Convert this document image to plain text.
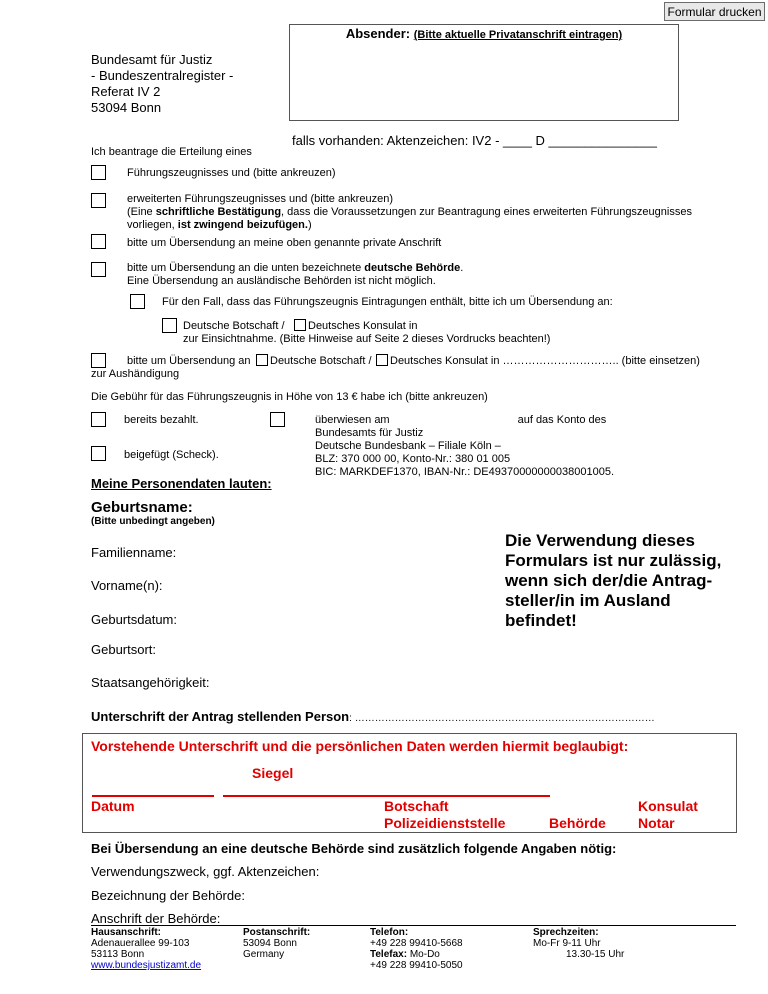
Formular drucken
Absender: (Bitte aktuelle Privatanschrift eintragen)
falls vorhanden: Aktenzeichen: IV2 - ____ D _______________
Bundesamt für Justiz
- Bundeszentralregister -
Referat IV 2
53094 Bonn
Ich beantrage die Erteilung eines
Führungszeugnisses und (bitte ankreuzen)
erweiterten Führungszeugnisses und (bitte ankreuzen)
(Eine schriftliche Bestätigung, dass die Voraussetzungen zur Beantragung eines erweiterten Führungszeugnisses
vorliegen, ist zwingend beizufügen.)
bitte um Übersendung an meine oben genannte private Anschrift
bitte um Übersendung an die unten bezeichnete deutsche Behörde.
Eine Übersendung an ausländische Behörden ist nicht möglich.
Für den Fall, dass das Führungszeugnis Eintragungen enthält, bitte ich um Übersendung an:
Deutsche Botschaft / Deutsches Konsulat in
zur Einsichtnahme. (Bitte Hinweise auf Seite 2 dieses Vordrucks beachten!)
bitte um Übersendung an Deutsche Botschaft / Deutsches Konsulat in ………………………….. (bitte einsetzen)
zur Aushändigung
Die Gebühr für das Führungszeugnis in Höhe von 13 € habe ich (bitte ankreuzen)
bereits bezahlt.
beigefügt (Scheck).
überwiesen am	auf das Konto des
Bundesamts für Justiz
Deutsche Bundesbank – Filiale Köln –
BLZ: 370 000 00, Konto-Nr.: 380 01 005
BIC: MARKDEF1370, IBAN-Nr.: DE49370000000038001005.
Meine Personendaten lauten:
Geburtsname:
(Bitte unbedingt angeben)
Familienname:
Vorname(n):
Geburtsdatum:
Geburtsort:
Staatsangehörigkeit:
Unterschrift der Antrag stellenden Person: ………………………………………………………………………………
Die Verwendung dieses
Formulars ist nur zulässig,
wenn sich der/die Antrag-
steller/in im Ausland
befindet!
Vorstehende Unterschrift und die persönlichen Daten werden hiermit beglaubigt:
Siegel
Datum	Botschaft
Polizeidienststelle	Behörde
Konsulat
Notar
Bei Übersendung an eine deutsche Behörde sind zusätzlich folgende Angaben nötig:
Verwendungszweck, ggf. Aktenzeichen:
Bezeichnung der Behörde:
Anschrift der Behörde:
Hausanschrift:
Adenauerallee 99-103
53113 Bonn
www.bundesjustizamt.de
Postanschrift:
53094 Bonn
Germany
Telefon:
+49 228 99410-5668
Telefax: Mo-Do
+49 228 99410-5050
Sprechzeiten:
Mo-Fr 9-11 Uhr
13.30-15 Uhr
